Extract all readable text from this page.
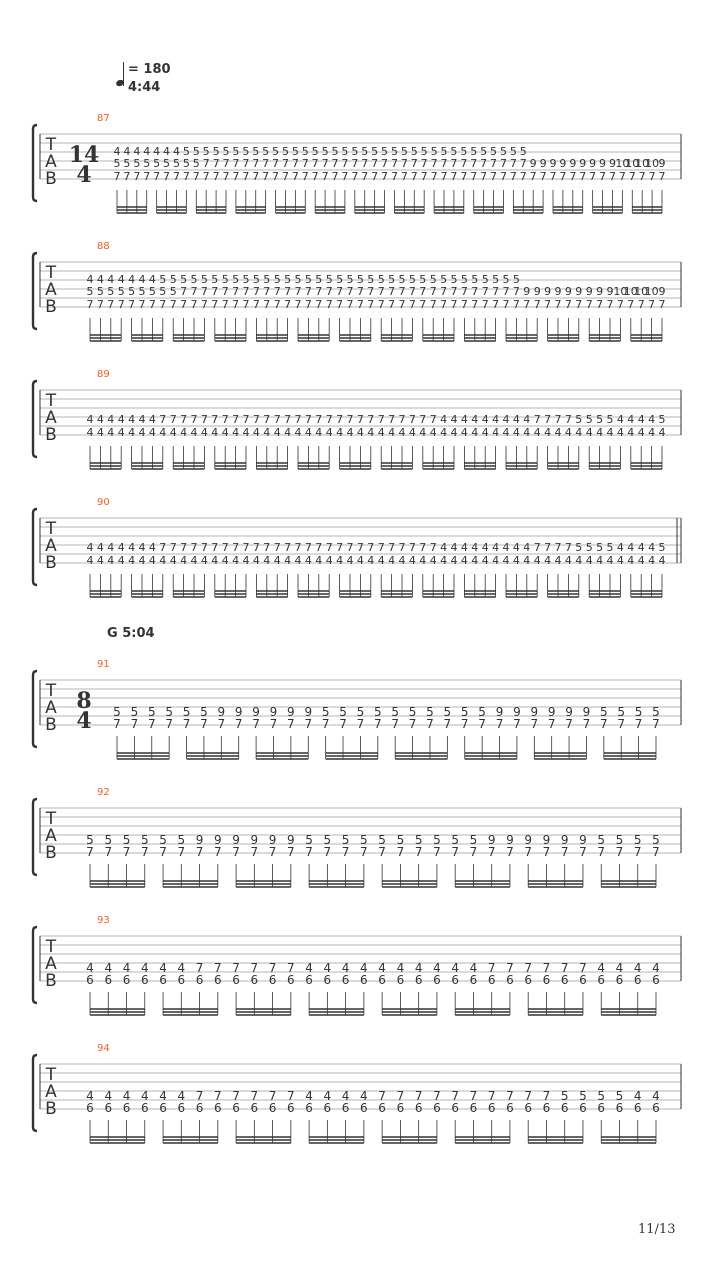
= 180
4:44
G 5:04
87
T
A
B
14
4
4 4 4 4 4 4 4 5 5 5 5 5 5 5 5 5 5 5 5 5 5 5 5 5 5 5 5 5 5 5 5 5 5 5 5 5 5 5 5 5 5 5
5 5 5 5 5 5 5 5 5 7 7 7 7 7 7 7 7 7 7 7 7 7 7 7 7 7 7 7 7 7 7 7 7 7 7 7 7 7 7 7 7 7 9 9 9 9 9 9 9 9 9 10
10
10
10 9
7 7 7 7 7 7 7 7 7 7 7 7 7 7 7 7 7 7 7 7 7 7 7 7 7 7 7 7 7 7 7 7 7 7 7 7 7 7 7 7 7 7 7 7 7 7 7 7 7 7 7 7 7 7 7 7
88
T
A
B
4 4 4 4 4 4 4 5 5 5 5 5 5 5 5 5 5 5 5 5 5 5 5 5 5 5 5 5 5 5 5 5 5 5 5 5 5 5 5 5 5 5
5 5 5 5 5 5 5 5 5 7 7 7 7 7 7 7 7 7 7 7 7 7 7 7 7 7 7 7 7 7 7 7 7 7 7 7 7 7 7 7 7 7 9 9 9 9 9 9 9 9 9 10
10
10
10 9
7 7 7 7 7 7 7 7 7 7 7 7 7 7 7 7 7 7 7 7 7 7 7 7 7 7 7 7 7 7 7 7 7 7 7 7 7 7 7 7 7 7 7 7 7 7 7 7 7 7 7 7 7 7 7 7
89
T
A
B
4 4 4 4 4 4 4 7 7 7 7 7 7 7 7 7 7 7 7 7 7 7 7 7 7 7 7 7 7 7 7 7 7 7 4 4 4 4 4 4 4 4 4 7 7 7 7 5 5 5 5 4 4 4 4 5
4 4 4 4 4 4 4 4 4 4 4 4 4 4 4 4 4 4 4 4 4 4 4 4 4 4 4 4 4 4 4 4 4 4 4 4 4 4 4 4 4 4 4 4 4 4 4 4 4 4 4 4 4 4 4 4
90
T
A
B
4 4 4 4 4 4 4 7 7 7 7 7 7 7 7 7 7 7 7 7 7 7 7 7 7 7 7 7 7 7 7 7 7 7 4 4 4 4 4 4 4 4 4 7 7 7 7 5 5 5 5 4 4 4 4 5
4 4 4 4 4 4 4 4 4 4 4 4 4 4 4 4 4 4 4 4 4 4 4 4 4 4 4 4 4 4 4 4 4 4 4 4 4 4 4 4 4 4 4 4 4 4 4 4 4 4 4 4 4 4 4 4
91
T
A
B
8
4 5 5 5 5 5 5 9 9 9 9 9 9 5 5 5 5 5 5 5 5 5 5 9 9 9 9 9 9 5 5 5 5
7 7 7 7 7 7 7 7 7 7 7 7 7 7 7 7 7 7 7 7 7 7 7 7 7 7 7 7 7 7 7 7
92
T
A
B
5 5 5 5 5 5 9 9 9 9 9 9 5 5 5 5 5 5 5 5 5 5 9 9 9 9 9 9 5 5 5 5
7 7 7 7 7 7 7 7 7 7 7 7 7 7 7 7 7 7 7 7 7 7 7 7 7 7 7 7 7 7 7 7
93
T
A
B
4 4 4 4 4 4 7 7 7 7 7 7 4 4 4 4 4 4 4 4 4 4 7 7 7 7 7 7 4 4 4 4
6 6 6 6 6 6 6 6 6 6 6 6 6 6 6 6 6 6 6 6 6 6 6 6 6 6 6 6 6 6 6 6
94
T
A
B
4 4 4 4 4 4 7 7 7 7 7 7 4 4 4 4 7 7 7 7 7 7 7 7 7 7 5 5 5 5 4 4
6 6 6 6 6 6 6 6 6 6 6 6 6 6 6 6 6 6 6 6 6 6 6 6 6 6 6 6 6 6 6 6
11/13
